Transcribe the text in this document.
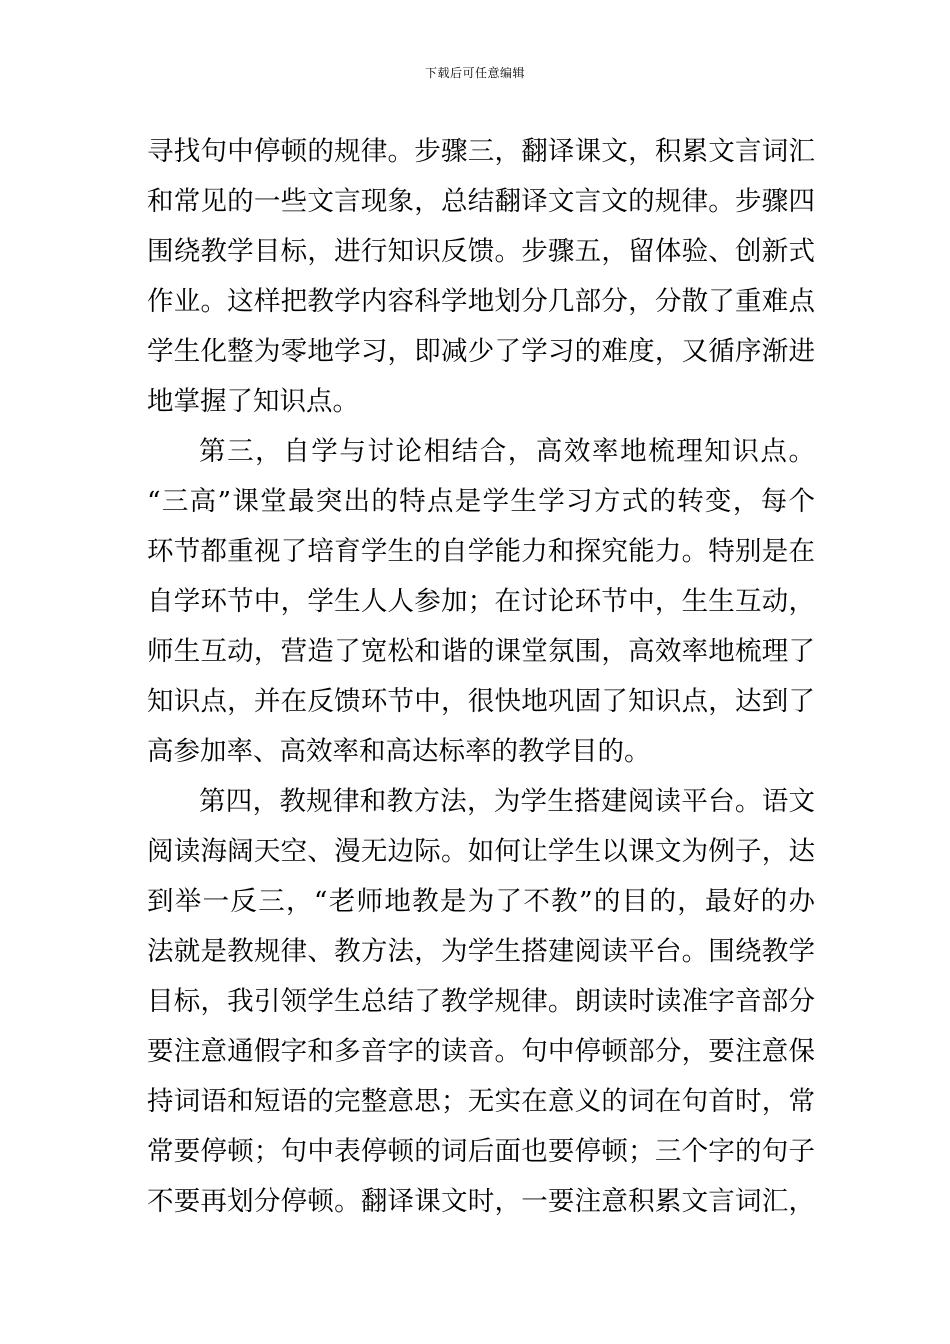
下载后可任意编辑
寻找句中停顿的规律。步骤三，翻译课文，积累文言词汇
和常见的一些文言现象，总结翻译文言文的规律。步骤四
围绕教学目标，进行知识反馈。步骤五，留体验、创新式
作业。这样把教学内容科学地划分几部分，分散了重难点
学生化整为零地学习，即减少了学习的难度，又循序渐进
地掌握了知识点。
第三，自学与讨论相结合，高效率地梳理知识点。
“三高”课堂最突出的特点是学生学习方式的转变，每个
环节都重视了培育学生的自学能力和探究能力。特别是在
自学环节中，学生人人参加；在讨论环节中，生生互动，
师生互动，营造了宽松和谐的课堂氛围，高效率地梳理了
知识点，并在反馈环节中，很快地巩固了知识点，达到了
高参加率、高效率和高达标率的教学目的。
第四，教规律和教方法，为学生搭建阅读平台。语文
阅读海阔天空、漫无边际。如何让学生以课文为例子，达
到举一反三，“老师地教是为了不教”的目的，最好的办
法就是教规律、教方法，为学生搭建阅读平台。围绕教学
目标，我引领学生总结了教学规律。朗读时读准字音部分
要注意通假字和多音字的读音。句中停顿部分，要注意保
持词语和短语的完整意思；无实在意义的词在句首时，常
常要停顿；句中表停顿的词后面也要停顿；三个字的句子
不要再划分停顿。翻译课文时，一要注意积累文言词汇，
